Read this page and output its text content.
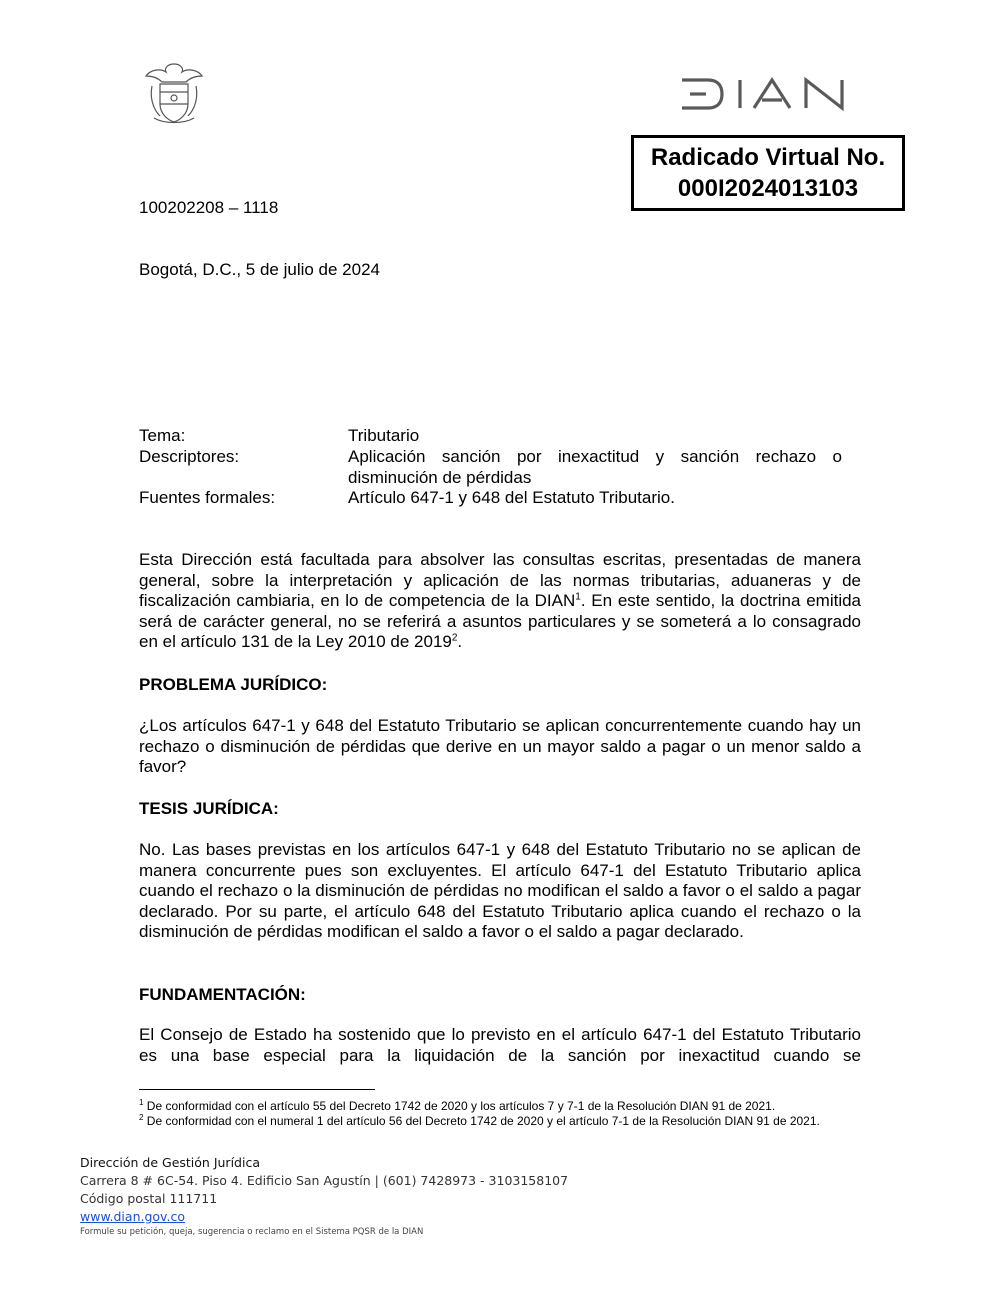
Radicado Virtual No.
000I2024013103
100202208 – 1118
Bogotá, D.C., 5 de julio de 2024
Tema:	Tributario
Descriptores:	Aplicación sanción por inexactitud y sanción rechazo o disminución de pérdidas
Fuentes formales:	Artículo 647-1 y 648 del Estatuto Tributario.
Esta Dirección está facultada para absolver las consultas escritas, presentadas de manera general, sobre la interpretación y aplicación de las normas tributarias, aduaneras y de fiscalización cambiaria, en lo de competencia de la DIAN$^1$. En este sentido, la doctrina emitida será de carácter general, no se referirá a asuntos particulares y se someterá a lo consagrado en el artículo 131 de la Ley 2010 de 2019$^2$.
PROBLEMA JURÍDICO:
¿Los artículos 647-1 y 648 del Estatuto Tributario se aplican concurrentemente cuando hay un rechazo o disminución de pérdidas que derive en un mayor saldo a pagar o un menor saldo a favor?
TESIS JURÍDICA:
No. Las bases previstas en los artículos 647-1 y 648 del Estatuto Tributario no se aplican de manera concurrente pues son excluyentes. El artículo 647-1 del Estatuto Tributario aplica cuando el rechazo o la disminución de pérdidas no modifican el saldo a favor o el saldo a pagar declarado. Por su parte, el artículo 648 del Estatuto Tributario aplica cuando el rechazo o la disminución de pérdidas modifican el saldo a favor o el saldo a pagar declarado.
FUNDAMENTACIÓN:
El Consejo de Estado ha sostenido que lo previsto en el artículo 647-1 del Estatuto Tributario es una base especial para la liquidación de la sanción por inexactitud cuando se
$^1$ De conformidad con el artículo 55 del Decreto 1742 de 2020 y los artículos 7 y 7-1 de la Resolución DIAN 91 de 2021.
$^2$ De conformidad con el numeral 1 del artículo 56 del Decreto 1742 de 2020 y el artículo 7-1 de la Resolución DIAN 91 de 2021.
Dirección de Gestión Jurídica
Carrera 8 # 6C-54. Piso 4. Edificio San Agustín | (601) 7428973 - 3103158107
Código postal 111711
www.dian.gov.co
Formule su petición, queja, sugerencia o reclamo en el Sistema PQSR de la DIAN
